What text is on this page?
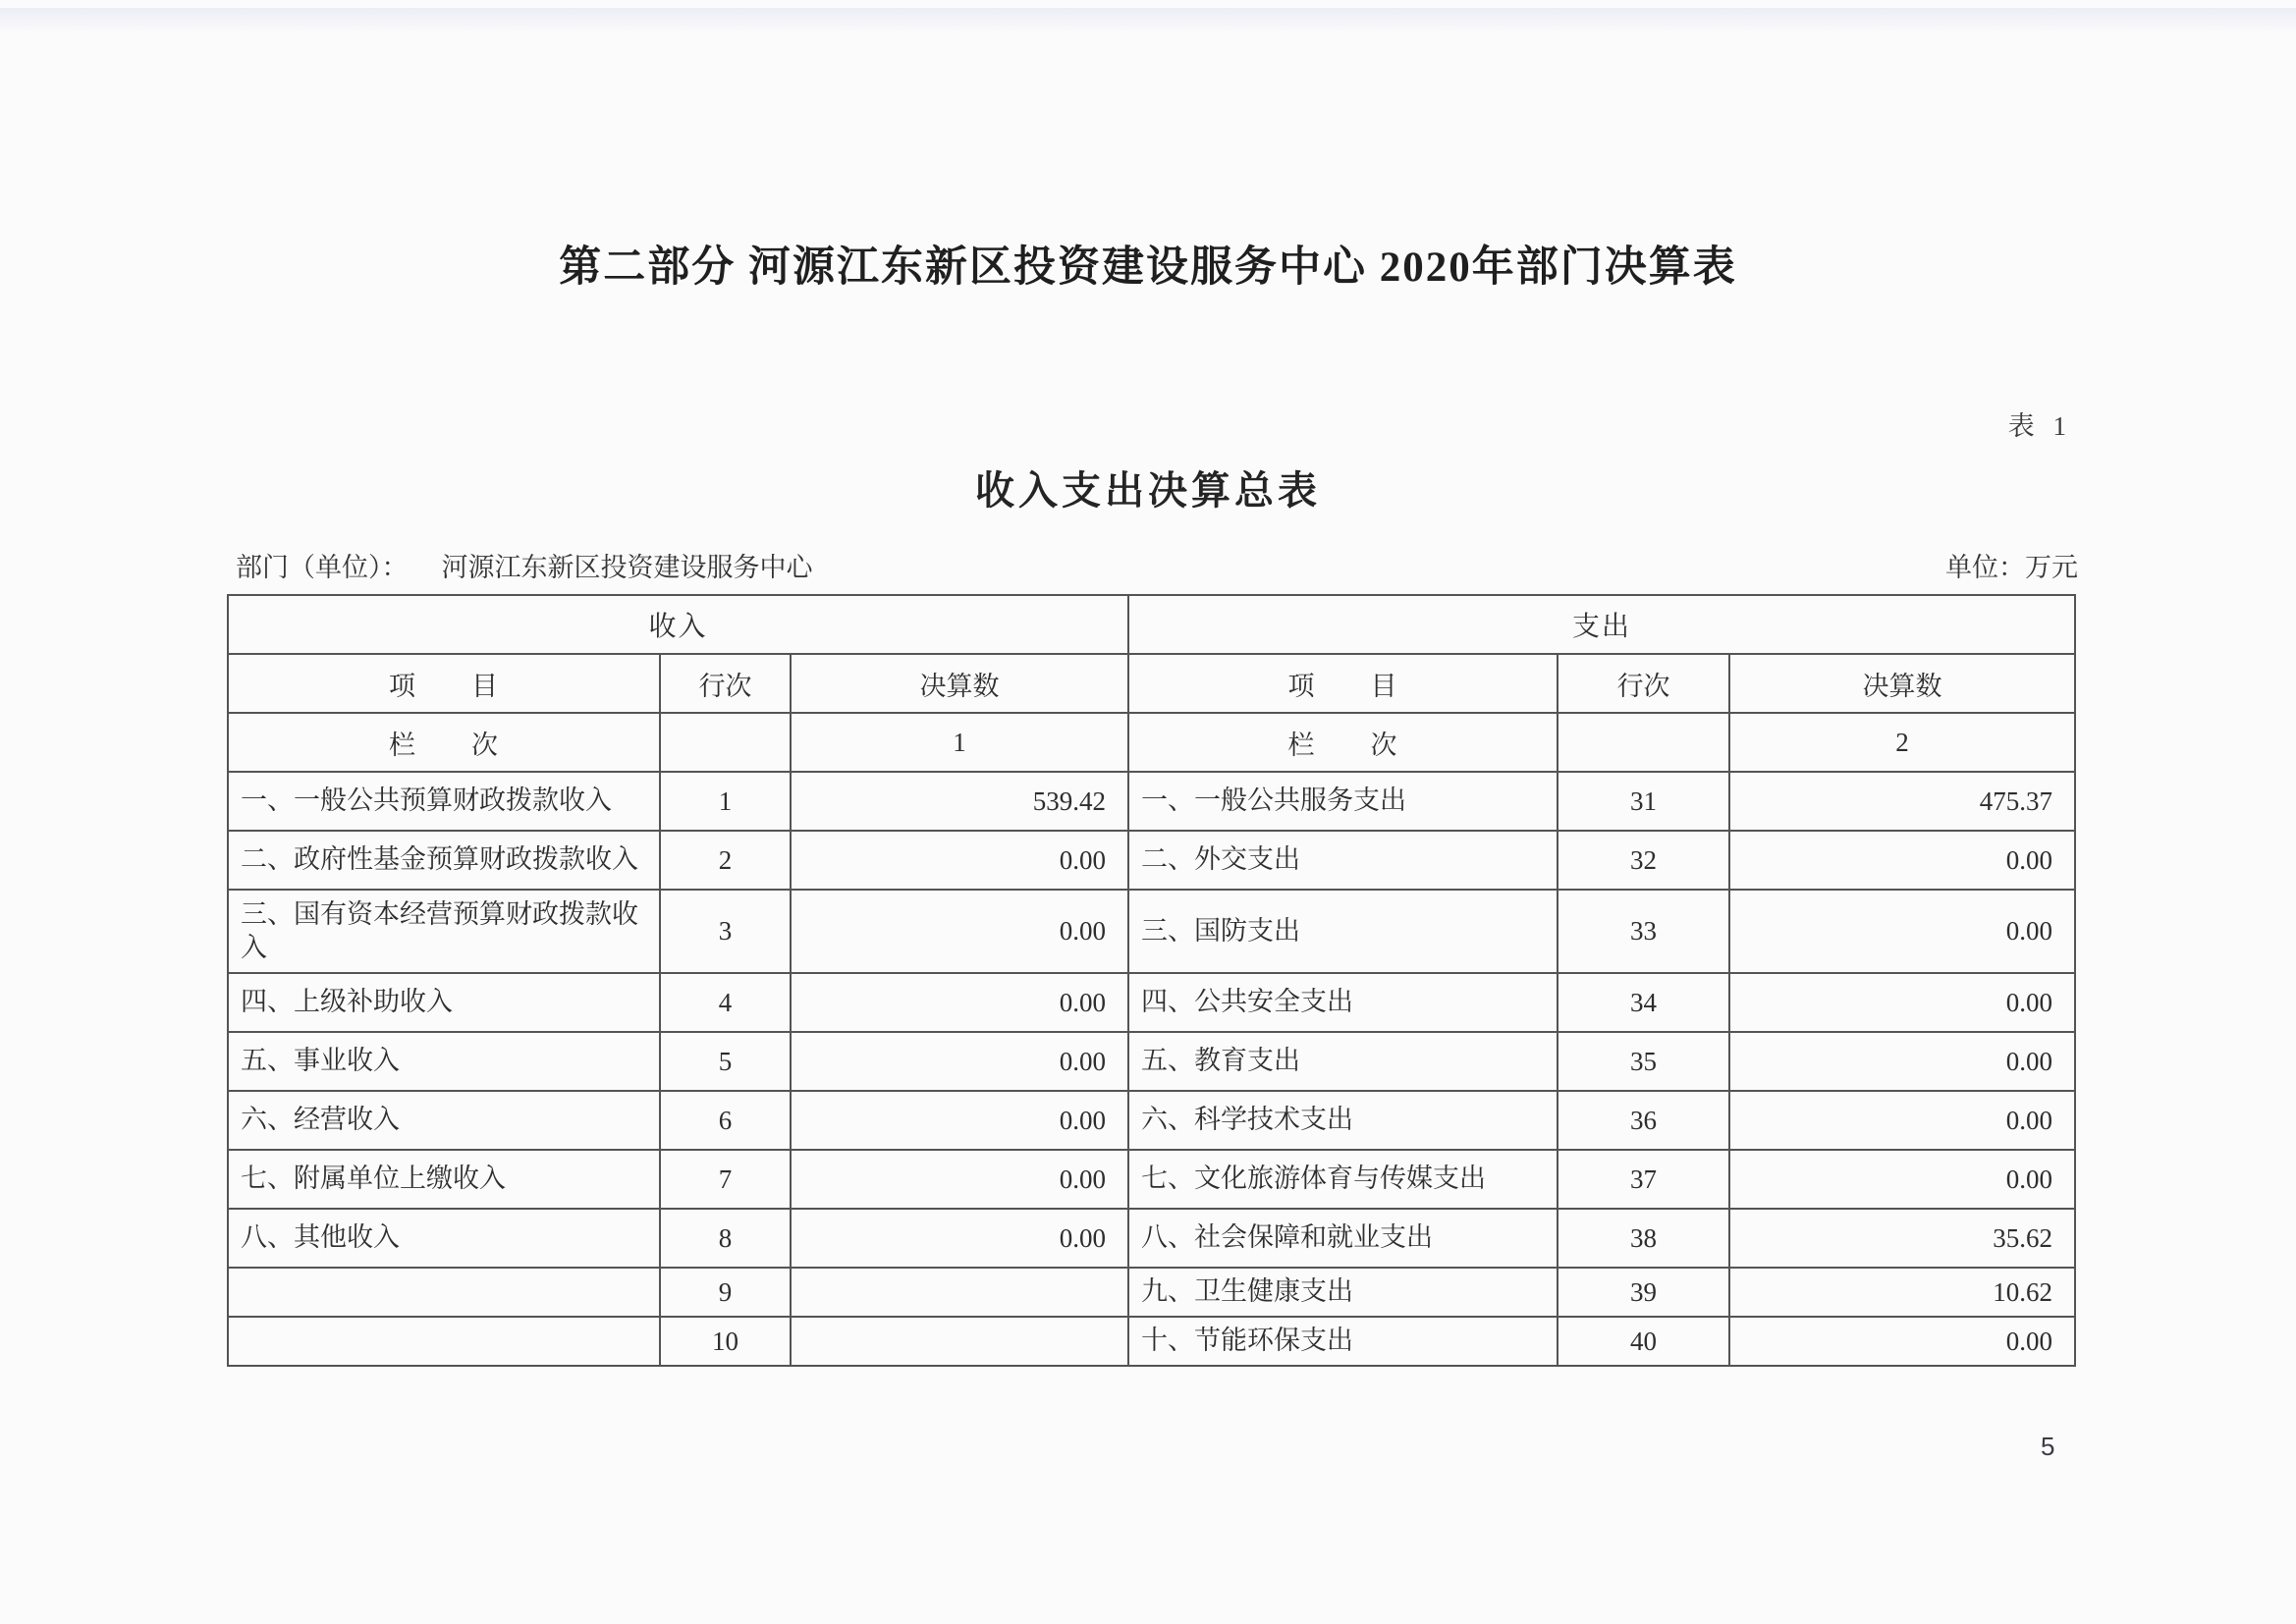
第二部分 河源江东新区投资建设服务中心 2020年部门决算表
表 1
收入支出决算总表
部门（单位）： 河源江东新区投资建设服务中心	单位：万元
收入			支出		
项　　目	行次	决算数	项　　目	行次	决算数
栏　　次		1	栏　　次		2
一、一般公共预算财政拨款收入	1	539.42	一、一般公共服务支出	31	475.37
二、政府性基金预算财政拨款收入	2	0.00	二、外交支出	32	0.00
三、国有资本经营预算财政拨款收入	3	0.00	三、国防支出	33	0.00
四、上级补助收入	4	0.00	四、公共安全支出	34	0.00
五、事业收入	5	0.00	五、教育支出	35	0.00
六、经营收入	6	0.00	六、科学技术支出	36	0.00
七、附属单位上缴收入	7	0.00	七、文化旅游体育与传媒支出	37	0.00
八、其他收入	8	0.00	八、社会保障和就业支出	38	35.62
	9		九、卫生健康支出	39	10.62
	10		十、节能环保支出	40	0.00
5
